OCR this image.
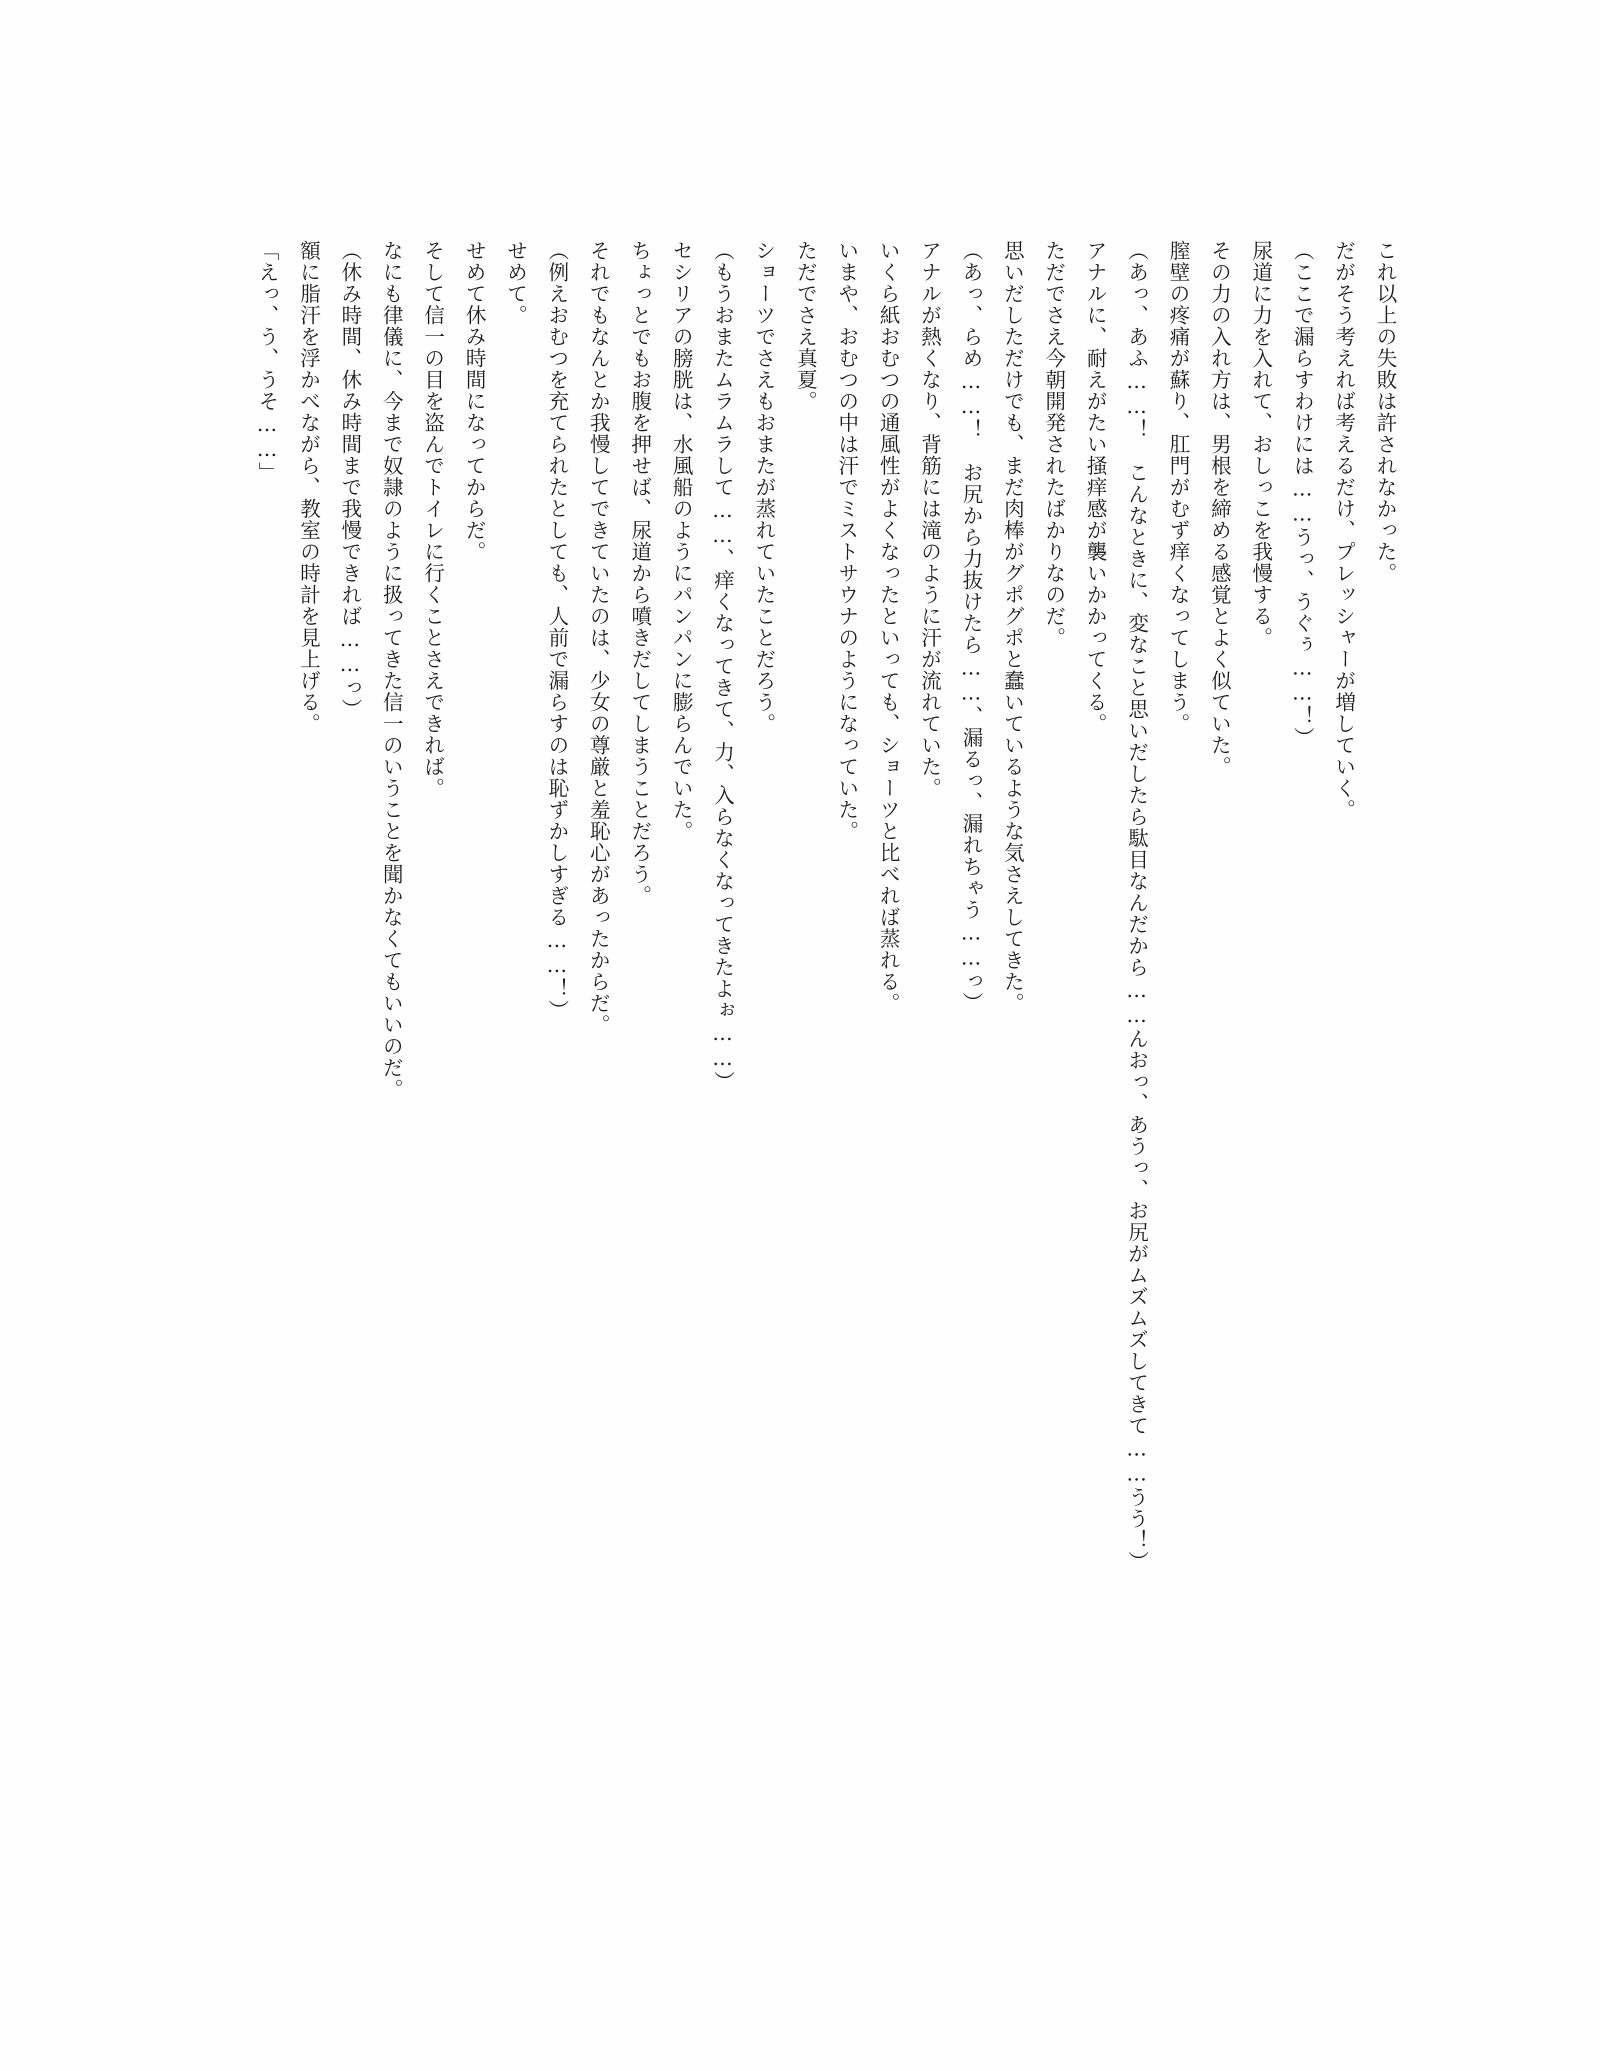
これ以上の失敗は許されなかった。

だがそう考えれば考えるだけ、プレッシャーが増していく。

（ここで漏らすわけには……うっ、うぐぅ……！）

尿道に力を入れて、おしっこを我慢する。

その力の入れ方は、男根を締める感覚とよく似ていた。

膣壁の疼痛が蘇り、肛門がむず痒くなってしまう。

（あっ、あふ……！　こんなときに、変なこと思いだしたら駄目なんだから……んおっ、あうっ、お尻がムズムズしてきて……うう！）

アナルに、耐えがたい掻痒感が襲いかかってくる。

ただでさえ今朝開発されたばかりなのだ。

思いだしただけでも、まだ肉棒がグポグポと蠢いているような気さえしてきた。

（あっ、らめ……！　お尻から力抜けたら……、漏るっ、漏れちゃう……っ）

アナルが熱くなり、背筋には滝のように汗が流れていた。

いくら紙おむつの通風性がよくなったといっても、ショーツと比べれば蒸れる。

いまや、おむつの中は汗でミストサウナのようになっていた。

ただでさえ真夏。

ショーツでさえもおまたが蒸れていたことだろう。

（もうおまたムラムラして……、痒くなってきて、力、入らなくなってきたよぉ……）

セシリアの膀胱は、水風船のようにパンパンに膨らんでいた。

ちょっとでもお腹を押せば、尿道から噴きだしてしまうことだろう。

それでもなんとか我慢してできていたのは、少女の尊厳と羞恥心があったからだ。

（例えおむつを充てられたとしても、人前で漏らすのは恥ずかしすぎる……！）

せめて。

せめて休み時間になってからだ。

そして信一の目を盗んでトイレに行くことさえできれば。

なにも律儀に、今まで奴隷のように扱ってきた信一のいうことを聞かなくてもいいのだ。

（休み時間、休み時間まで我慢できれば……っ）

額に脂汗を浮かべながら、教室の時計を見上げる。

「えっ、う、うそ……」
